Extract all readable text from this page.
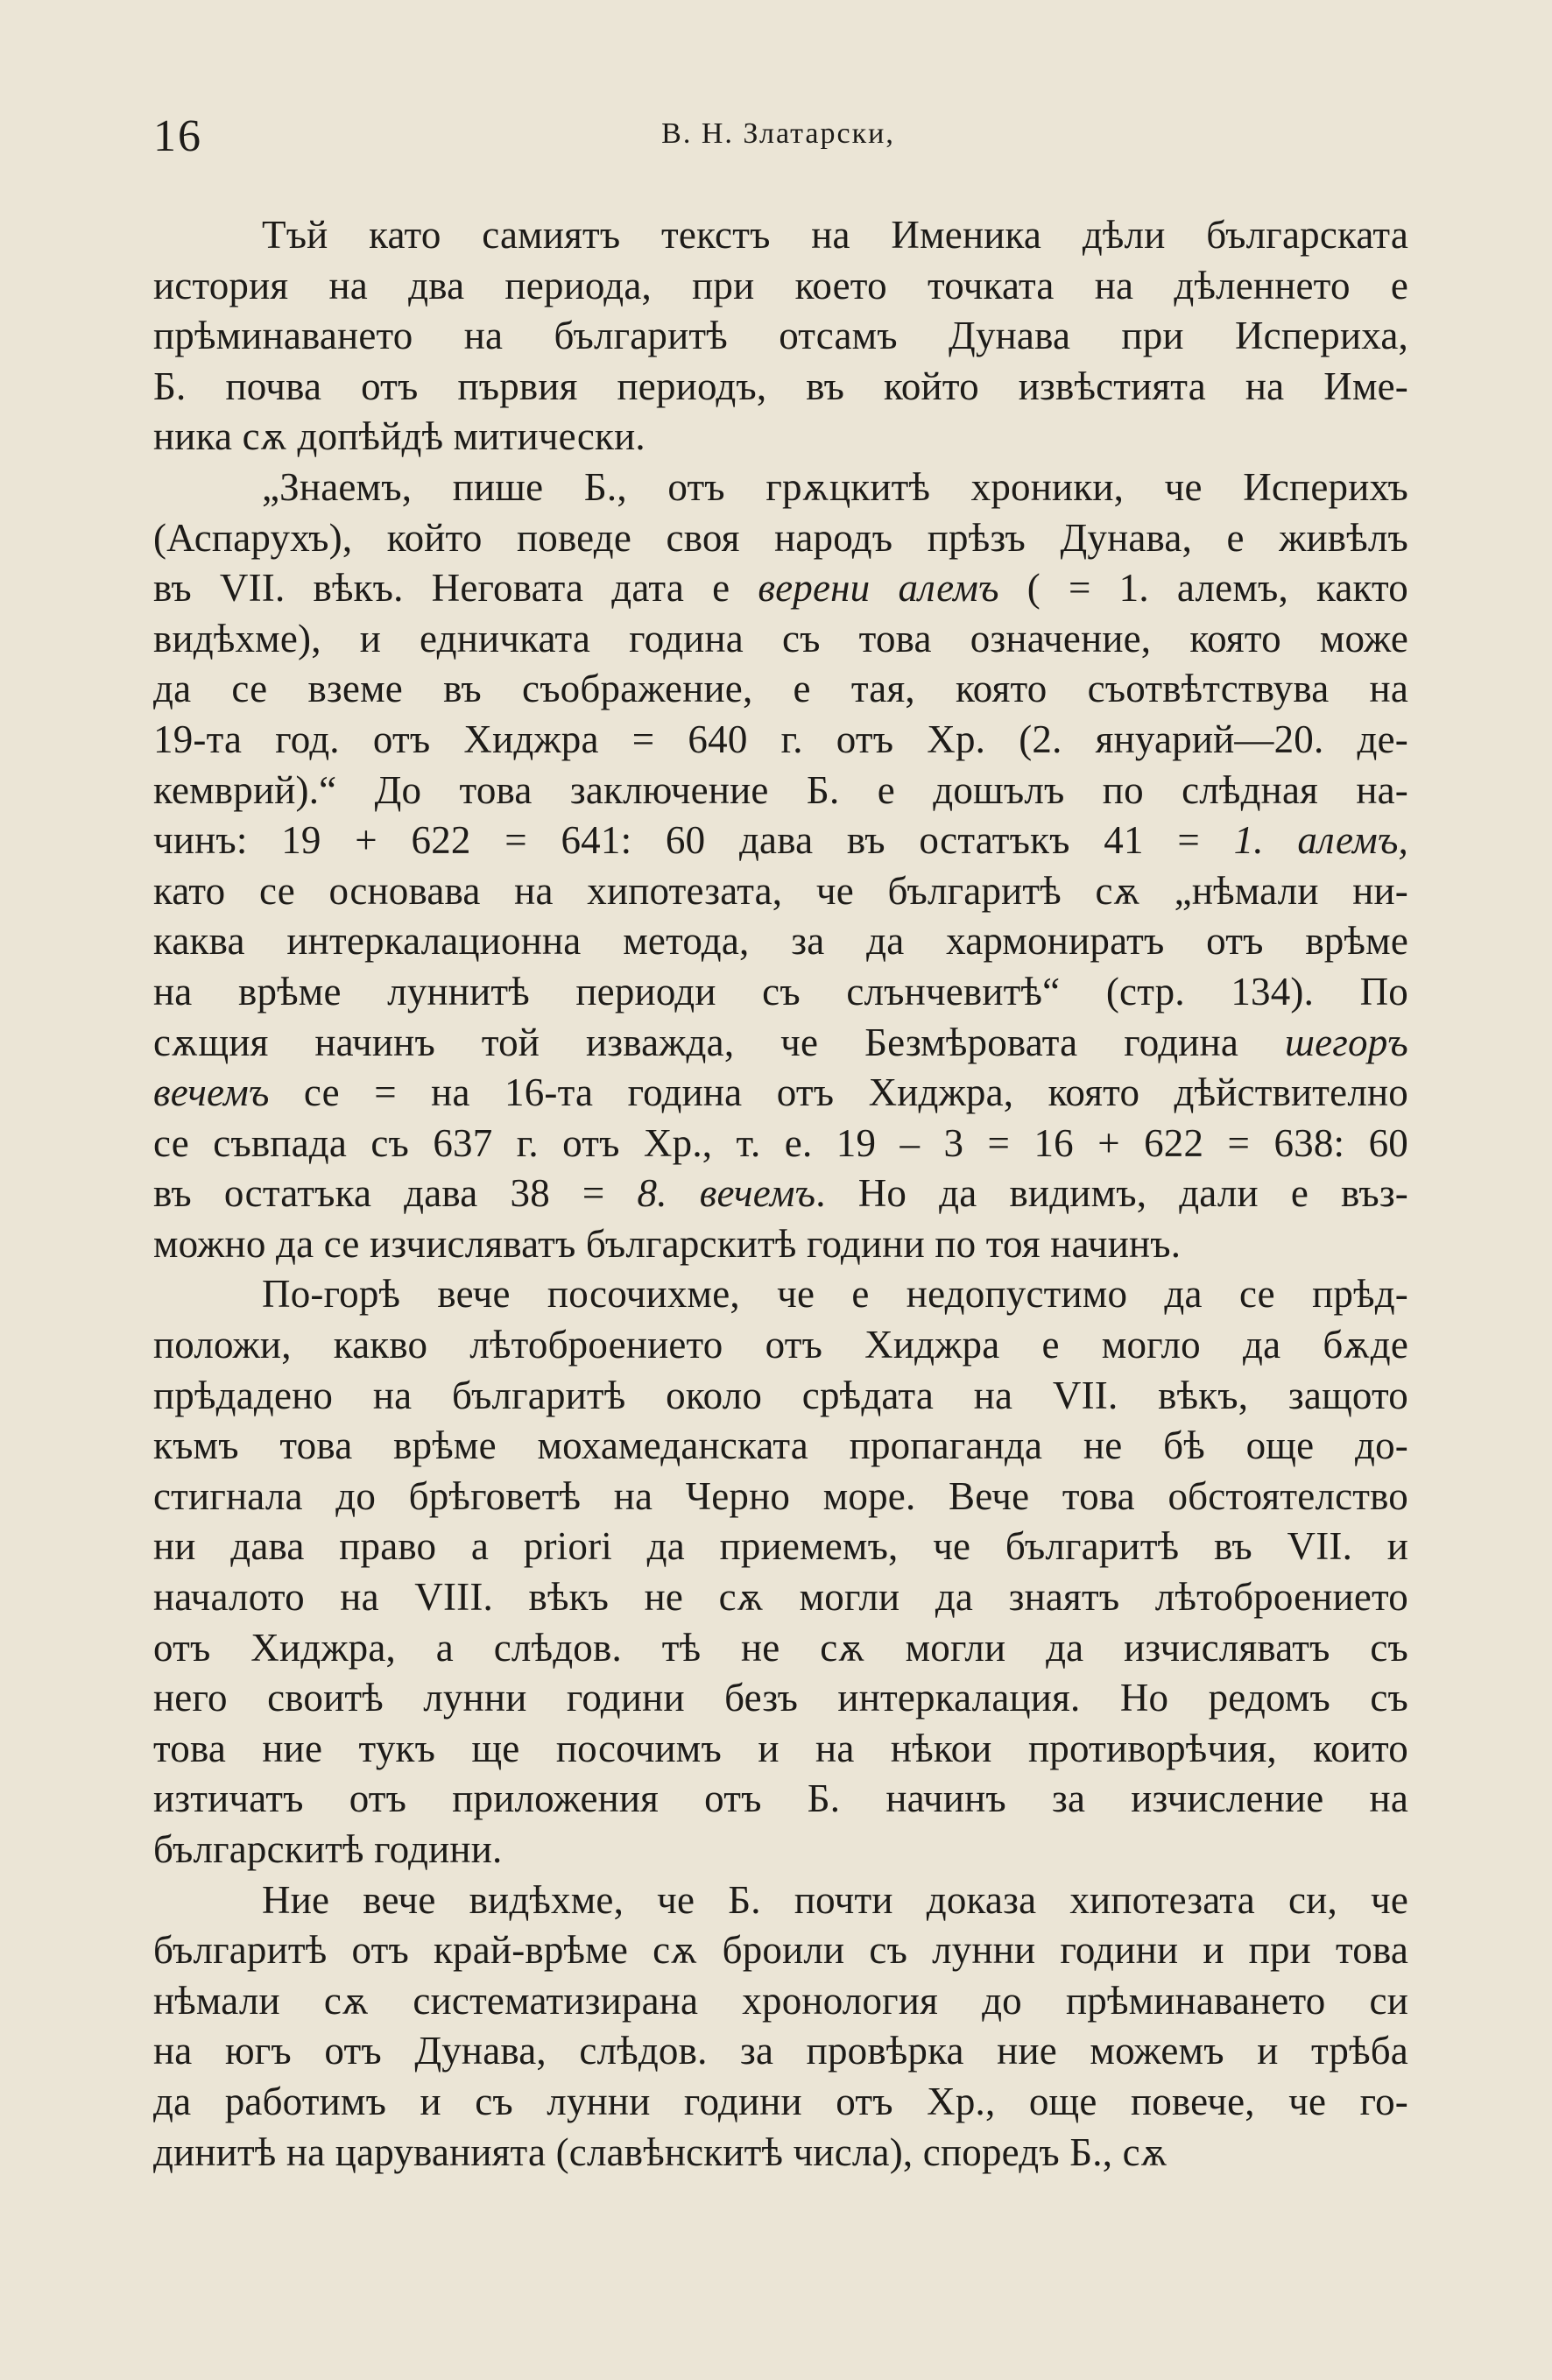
16	В. Н. Златарски,
Тъй като самиятъ текстъ на Именика дѣли българската
история на два периода, при което точката на дѣленнето е
прѣминаването на българитѣ отсамъ Дунава при Испериха,
Б. почва отъ първия периодъ, въ който извѣстията на Име-
ника сѫ допѣйдѣ митически.
„Знаемъ, пише Б., отъ грѫцкитѣ хроники, че Исперихъ
(Аспарухъ), който поведе своя народъ прѣзъ Дунава, е живѣлъ
въ VII. вѣкъ. Неговата дата е верени алемъ ( = 1. алемъ, както
видѣхме), и едничката година съ това означение, която може
да се вземе въ съображение, е тая, която съотвѣтствува на
19-та год. отъ Хиджра = 640 г. отъ Хр. (2. януарий—20. де-
кемврий).“ До това заключение Б. е дошълъ по слѣдная на-
чинъ: 19 + 622 = 641: 60 дава въ остатъкъ 41 = 1. алемъ,
като се основава на хипотезата, че българитѣ сѫ „нѣмали ни-
каква интеркалационна метода, за да хармониратъ отъ врѣме
на врѣме луннитѣ периоди съ слънчевитѣ“ (стр. 134). По
сѫщия начинъ той изважда, че Безмѣровата година шегоръ
вечемъ се = на 16-та година отъ Хиджра, която дѣйствително
се съвпада съ 637 г. отъ Хр., т. е. 19 – 3 = 16 + 622 = 638: 60
въ остатъка дава 38 = 8. вечемъ. Но да видимъ, дали е въз-
можно да се изчисляватъ българскитѣ години по тоя начинъ.
По-горѣ вече посочихме, че е недопустимо да се прѣд-
положи, какво лѣтоброението отъ Хиджра е могло да бѫде
прѣдадено на българитѣ около срѣдата на VII. вѣкъ, защото
къмъ това врѣме мохамеданската пропаганда не бѣ още до-
стигнала до брѣговетѣ на Черно море. Вече това обстоятелство
ни дава право a priori да приемемъ, че българитѣ въ VII. и
началото на VIII. вѣкъ не сѫ могли да знаятъ лѣтоброението
отъ Хиджра, а слѣдов. тѣ не сѫ могли да изчисляватъ съ
него своитѣ лунни години безъ интеркалация. Но редомъ съ
това ние тукъ ще посочимъ и на нѣкои противорѣчия, които
изтичатъ отъ приложения отъ Б. начинъ за изчисление на
българскитѣ години.
Ние вече видѣхме, че Б. почти доказа хипотезата си, че
българитѣ отъ край-врѣме сѫ броили съ лунни години и при това
нѣмали сѫ систематизирана хронология до прѣминаването си
на югъ отъ Дунава, слѣдов. за провѣрка ние можемъ и трѣба
да работимъ и съ лунни години отъ Хр., още повече, че го-
динитѣ на царуванията (славѣнскитѣ числа), споредъ Б., сѫ
